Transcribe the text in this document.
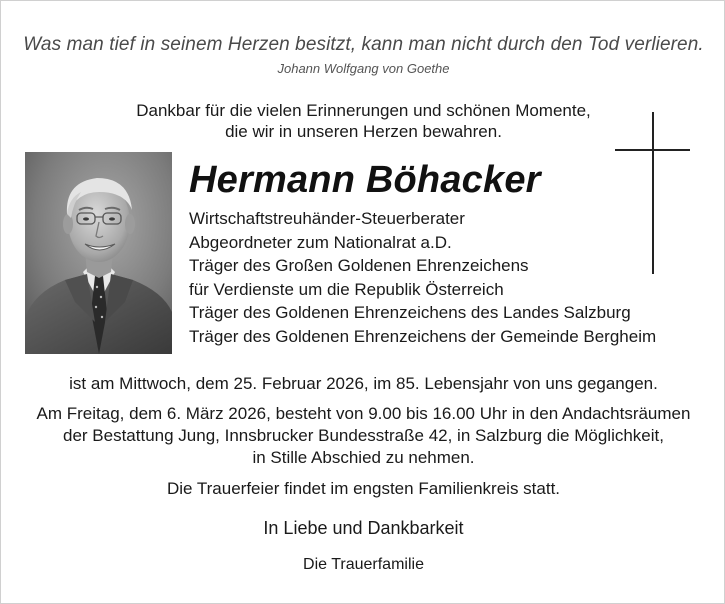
Was man tief in seinem Herzen besitzt, kann man nicht durch den Tod verlieren.
Johann Wolfgang von Goethe
Dankbar für die vielen Erinnerungen und schönen Momente,
die wir in unseren Herzen bewahren.
Hermann Böhacker
Wirtschaftstreuhänder-Steuerberater
Abgeordneter zum Nationalrat a.D.
Träger des Großen Goldenen Ehrenzeichens
für Verdienste um die Republik Österreich
Träger des Goldenen Ehrenzeichens des Landes Salzburg
Träger des Goldenen Ehrenzeichens der Gemeinde Bergheim
ist am Mittwoch, dem 25. Februar 2026, im 85. Lebensjahr von uns gegangen.
Am Freitag, dem 6. März 2026, besteht von 9.00 bis 16.00 Uhr in den Andachtsräumen
der Bestattung Jung, Innsbrucker Bundesstraße 42, in Salzburg die Möglichkeit,
in Stille Abschied zu nehmen.
Die Trauerfeier findet im engsten Familienkreis statt.
In Liebe und Dankbarkeit
Die Trauerfamilie
